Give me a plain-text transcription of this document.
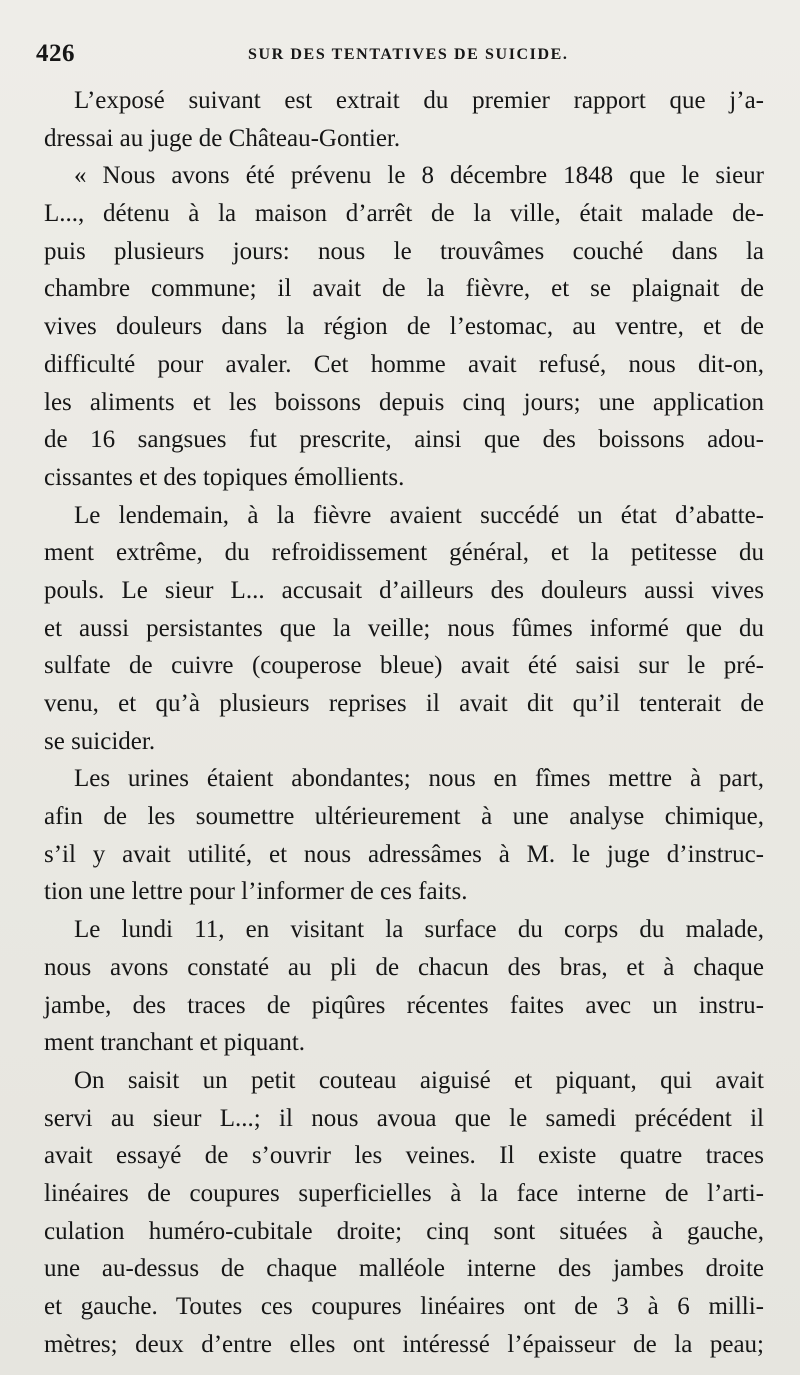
426	SUR DES TENTATIVES DE SUICIDE.
L’exposé suivant est extrait du premier rapport que j’a-
dressai au juge de Château-Gontier.
« Nous avons été prévenu le 8 décembre 1848 que le sieur
L..., détenu à la maison d’arrêt de la ville, était malade de-
puis plusieurs jours: nous le trouvâmes couché dans la
chambre commune; il avait de la fièvre, et se plaignait de
vives douleurs dans la région de l’estomac, au ventre, et de
difficulté pour avaler. Cet homme avait refusé, nous dit-on,
les aliments et les boissons depuis cinq jours; une application
de 16 sangsues fut prescrite, ainsi que des boissons adou-
cissantes et des topiques émollients.
Le lendemain, à la fièvre avaient succédé un état d’abatte-
ment extrême, du refroidissement général, et la petitesse du
pouls. Le sieur L... accusait d’ailleurs des douleurs aussi vives
et aussi persistantes que la veille; nous fûmes informé que du
sulfate de cuivre (couperose bleue) avait été saisi sur le pré-
venu, et qu’à plusieurs reprises il avait dit qu’il tenterait de
se suicider.
Les urines étaient abondantes; nous en fîmes mettre à part,
afin de les soumettre ultérieurement à une analyse chimique,
s’il y avait utilité, et nous adressâmes à M. le juge d’instruc-
tion une lettre pour l’informer de ces faits.
Le lundi 11, en visitant la surface du corps du malade,
nous avons constaté au pli de chacun des bras, et à chaque
jambe, des traces de piqûres récentes faites avec un instru-
ment tranchant et piquant.
On saisit un petit couteau aiguisé et piquant, qui avait
servi au sieur L...; il nous avoua que le samedi précédent il
avait essayé de s’ouvrir les veines. Il existe quatre traces
linéaires de coupures superficielles à la face interne de l’arti-
culation huméro-cubitale droite; cinq sont situées à gauche,
une au-dessus de chaque malléole interne des jambes droite
et gauche. Toutes ces coupures linéaires ont de 3 à 6 milli-
mètres; deux d’entre elles ont intéressé l’épaisseur de la peau;
